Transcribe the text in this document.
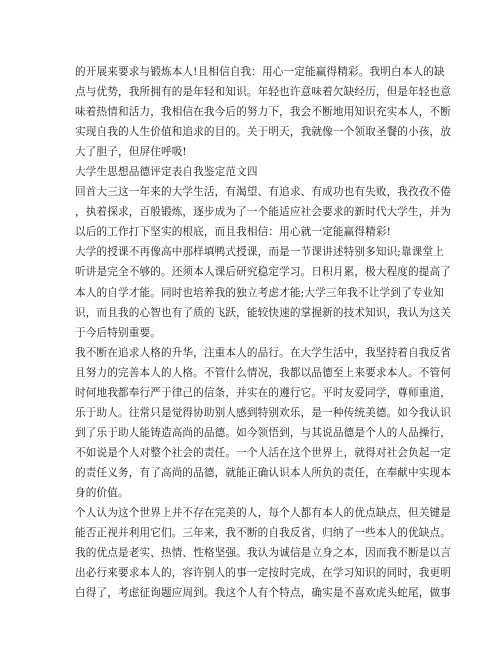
的开展来要求与锻炼本人!且相信自我：用心一定能赢得精彩。我明白本人的缺
点与优势，我所拥有的是年轻和知识。年轻也许意味着欠缺经历，但是年轻也意
味着热情和活力，我相信在我今后的努力下，我会不断地用知识充实本人，不断
实现自我的人生价值和追求的目的。关于明天，我就像一个领取圣餐的小孩，放
大了胆子，但屏住呼吸!
大学生思想品德评定表自我鉴定范文四
回首大三这一年来的大学生活，有渴望、有追求、有成功也有失败，我孜孜不倦
，执着探求，百般锻炼，逐步成为了一个能适应社会要求的新时代大学生，并为
以后的工作打下坚实的根底，而且我相信：用心就一定能赢得精彩!
大学的授课不再像高中那样填鸭式授课，而是一节课讲述特别多知识;靠课堂上
听讲是完全不够的。还须本人课后研究稳定学习。日积月累，极大程度的提高了
本人的自学才能。同时也培养我的独立考虑才能;大学三年我不让学到了专业知
识，而且我的心智也有了质的飞跃，能较快速的掌握新的技术知识，我认为这关
于今后特别重要。
我不断在追求人格的升华，注重本人的品行。在大学生活中，我坚持着自我反省
且努力的完善本人的人格。不管什么情况，我都以品德至上来要求本人。不管何
时何地我都奉行严于律己的信条，并实在的遵行它。平时友爱同学，尊师重道，
乐于助人。往常只是觉得协助别人感到特别欢乐，是一种传统美德。如今我认识
到了乐于助人能铸造高尚的品德。如今领悟到，与其说品德是个人的人品操行，
不如说是个人对整个社会的责任。一个人活在这个世界上，就得对社会负起一定
的责任义务，有了高尚的品德，就能正确认识本人所负的责任，在奉献中实现本
身的价值。
个人认为这个世界上并不存在完美的人，每个人都有本人的优点缺点，但关键是
能否正视并利用它们。三年来，我不断的自我反省，归纳了一些本人的优缺点。
我的优点是老实、热情、性格坚强。我认为诚信是立身之本，因而我不断是以言
出必行来要求本人的，容许别人的事一定按时完成，在学习知识的同时，我更明
白得了，考虑征询题应周到。我这个人有个特点，确实是不喜欢虎头蛇尾，做事
